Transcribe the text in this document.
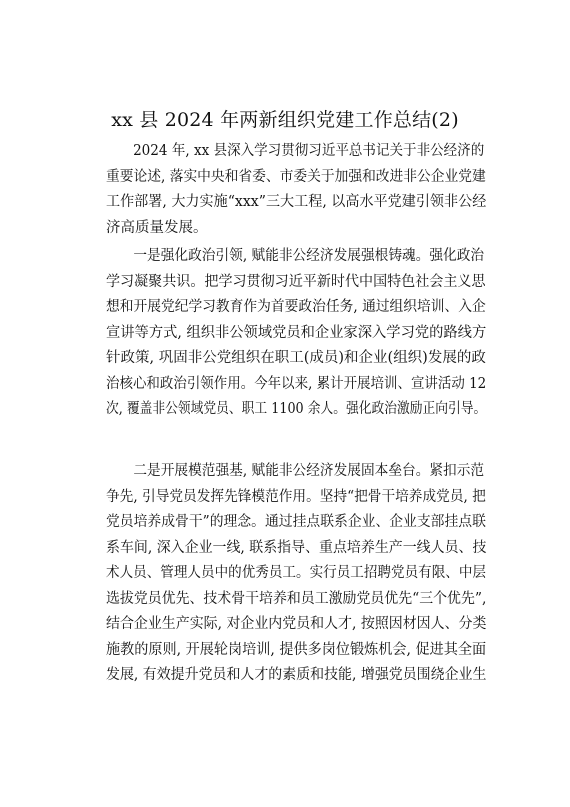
xx 县 2024 年两新组织党建工作总结(2)
2024 年, xx 县深入学习贯彻习近平总书记关于非公经济的
重要论述, 落实中央和省委、市委关于加强和改进非公企业党建
工作部署, 大力实施“xxx”三大工程, 以高水平党建引领非公经
济高质量发展。
一是强化政治引领, 赋能非公经济发展强根铸魂。强化政治
学习凝聚共识。把学习贯彻习近平新时代中国特色社会主义思
想和开展党纪学习教育作为首要政治任务, 通过组织培训、入企
宣讲等方式, 组织非公领域党员和企业家深入学习党的路线方
针政策, 巩固非公党组织在职工(成员)和企业(组织)发展的政
治核心和政治引领作用。今年以来, 累计开展培训、宣讲活动 12
次, 覆盖非公领域党员、职工 1100 余人。强化政治激励正向引导。
二是开展模范强基, 赋能非公经济发展固本垒台。紧扣示范
争先, 引导党员发挥先锋模范作用。坚持“把骨干培养成党员, 把
党员培养成骨干”的理念。通过挂点联系企业、企业支部挂点联
系车间, 深入企业一线, 联系指导、重点培养生产一线人员、技
术人员、管理人员中的优秀员工。实行员工招聘党员有限、中层
选拔党员优先、技术骨干培养和员工激励党员优先“三个优先”,
结合企业生产实际, 对企业内党员和人才, 按照因材因人、分类
施教的原则, 开展轮岗培训, 提供多岗位锻炼机会, 促进其全面
发展, 有效提升党员和人才的素质和技能, 增强党员围绕企业生
